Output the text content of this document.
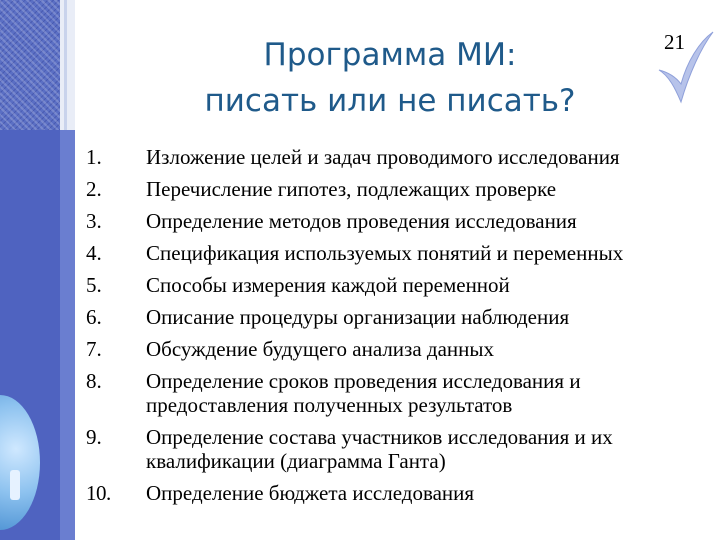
21
Программа МИ:
писать или не писать?
1.	Изложение целей и задач проводимого исследования
2.	Перечисление гипотез, подлежащих проверке
3.	Определение методов проведения исследования
4.	Спецификация используемых понятий и переменных
5.	Способы измерения каждой переменной
6.	Описание процедуры организации наблюдения
7.	Обсуждение будущего анализа данных
8.	Определение сроков проведения исследования и предоставления полученных результатов
9.	Определение состава участников исследования и их квалификации (диаграмма Ганта)
10.	Определение бюджета исследования
